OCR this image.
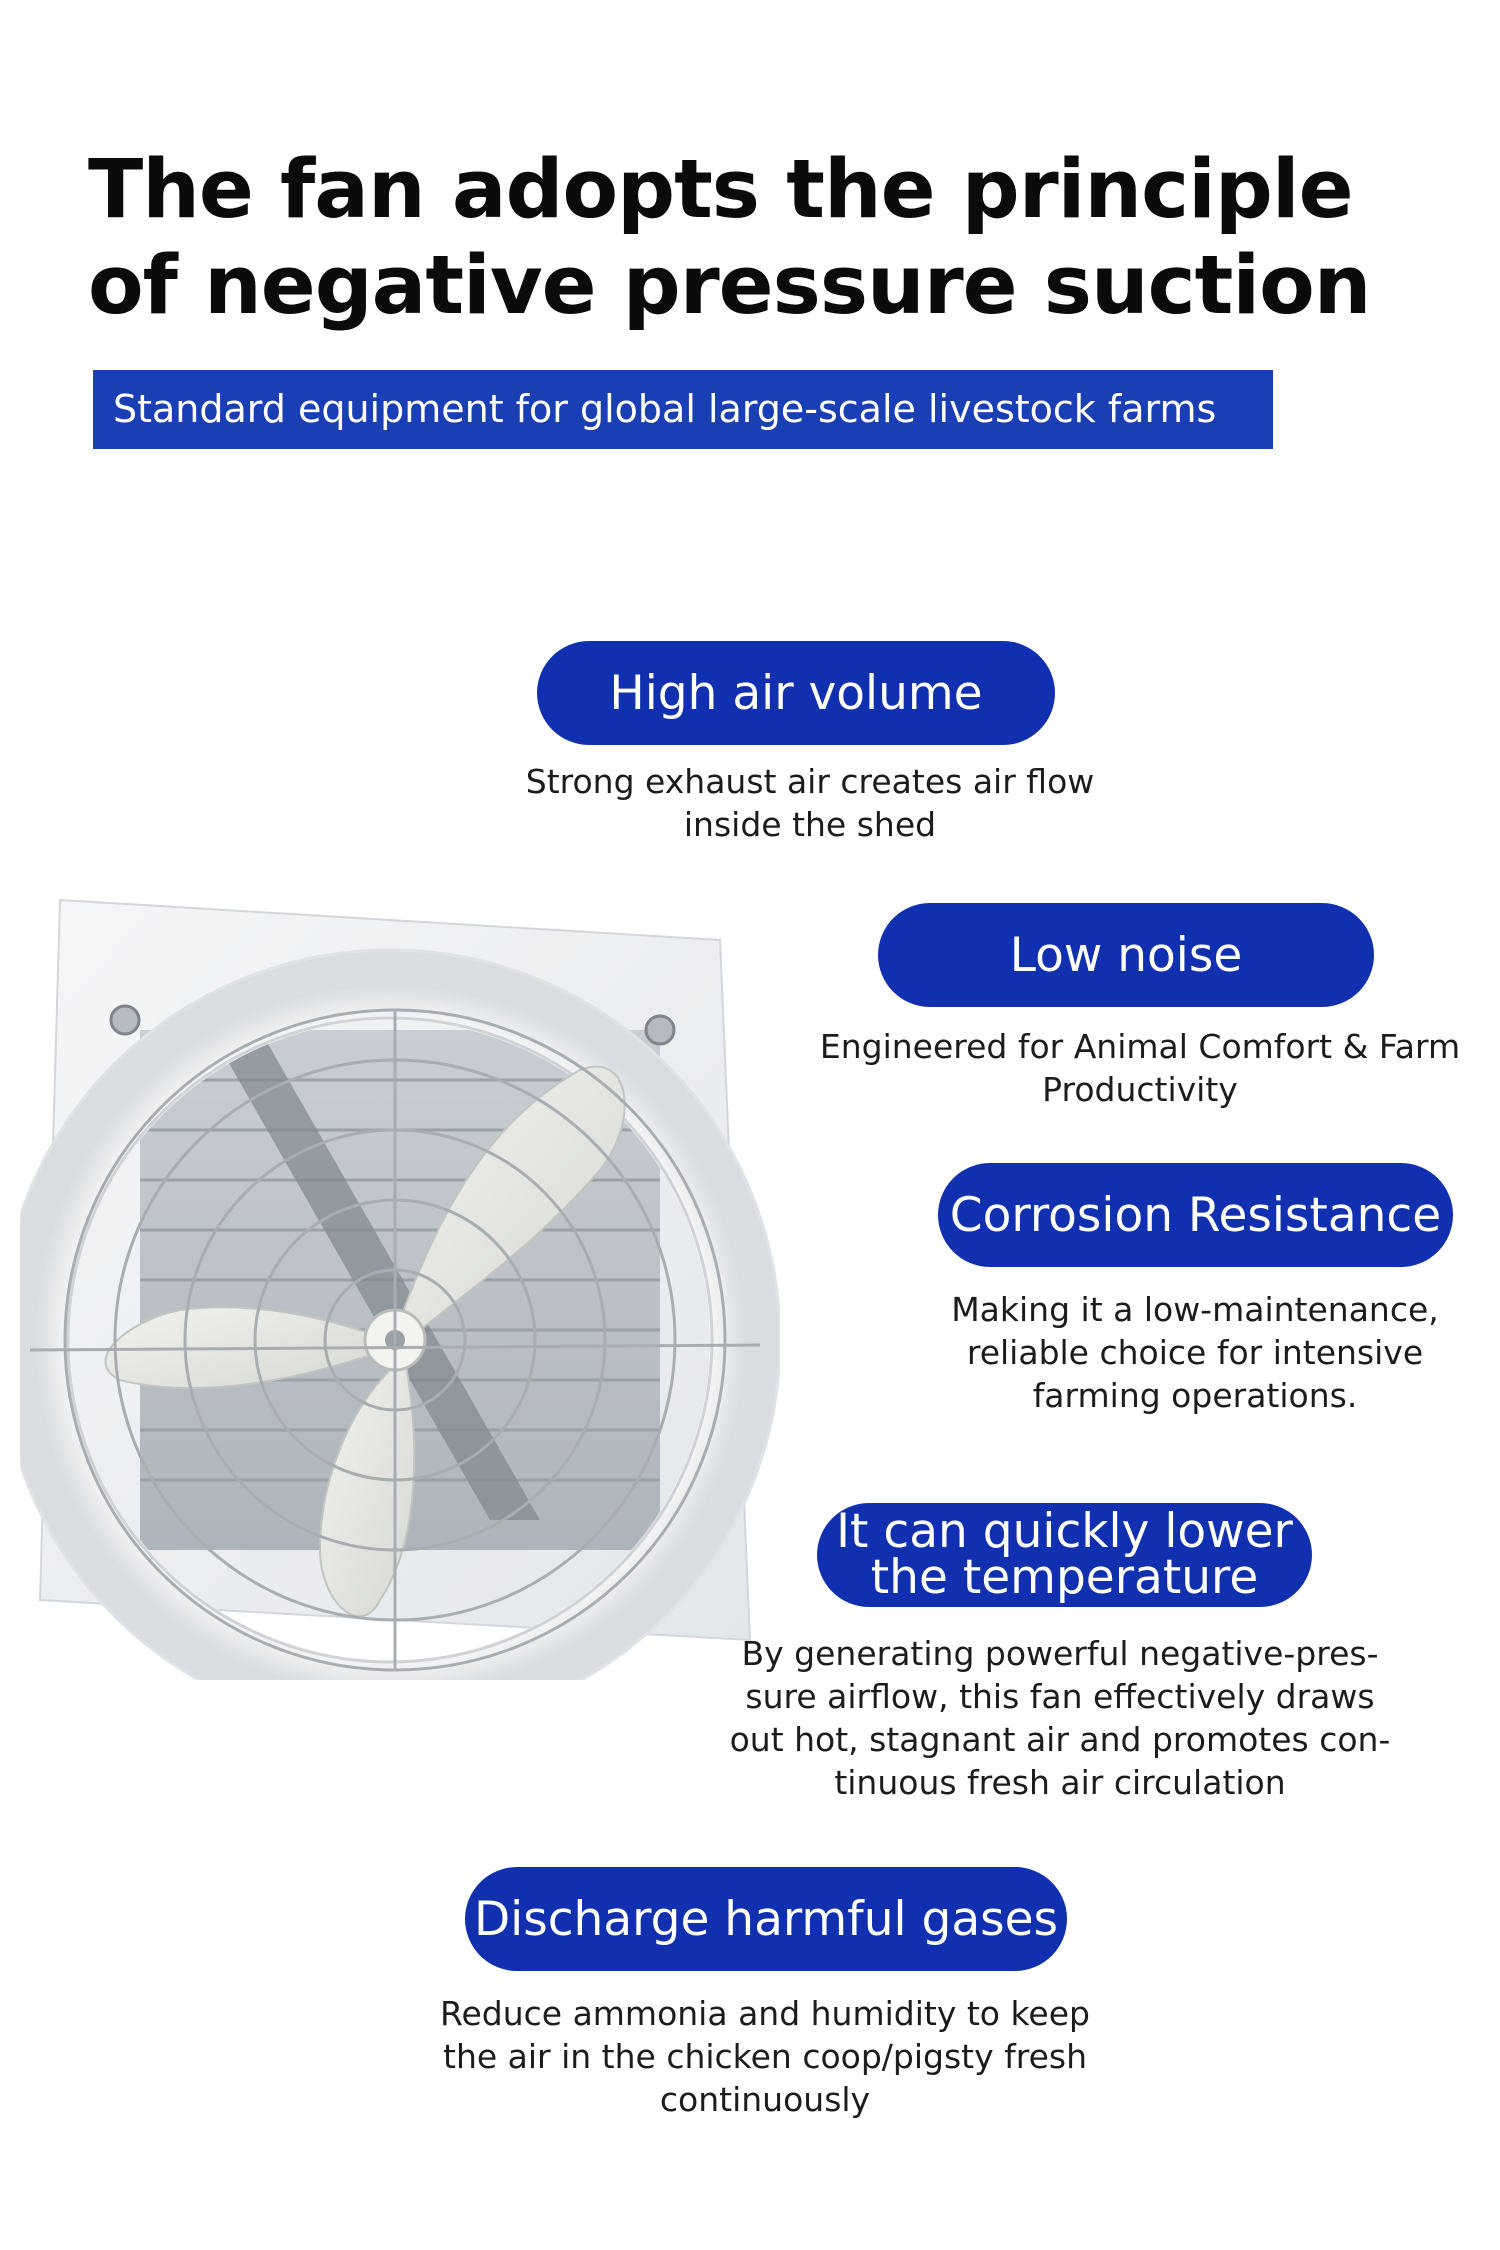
The fan adopts the principle
of negative pressure suction
Standard equipment for global large-scale livestock farms
High air volume
Strong exhaust air creates air flow
inside the shed
Low noise
Engineered for Animal Comfort & Farm
Productivity
Corrosion Resistance
Making it a low-maintenance,
reliable choice for intensive
farming operations.
It can quickly lower
the temperature
By generating powerful negative-pres-
sure airflow, this fan effectively draws
out hot, stagnant air and promotes con-
tinuous fresh air circulation
Discharge harmful gases
Reduce ammonia and humidity to keep
the air in the chicken coop/pigsty fresh
continuously
